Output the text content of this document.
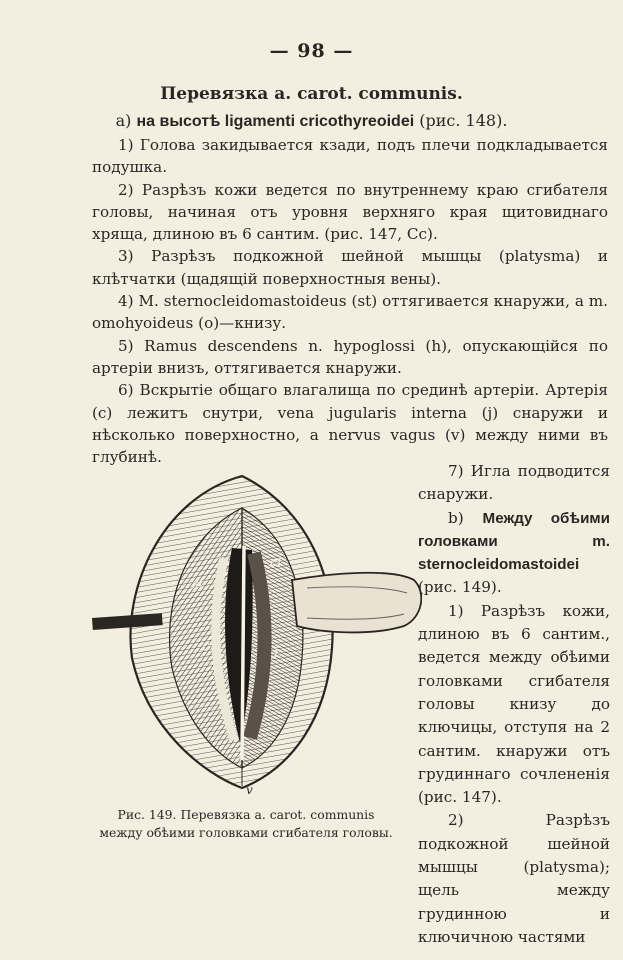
— 98 —
Перевязка a. carot. communis.
a) на высотѣ ligamenti cricothyreoidei (рис. 148).

1) Голова закидывается кзади, подъ плечи подкладывается подушка.

2) Разрѣзъ кожи ведется по внутреннему краю сгибателя головы, начиная отъ уровня верхняго края щитовиднаго хряща, длиною въ 6 сантим. (рис. 147, Cc).

3) Разрѣзъ подкожной шейной мышцы (platysma) и клѣтчатки (щадящій поверхностныя вены).

4) M. sternocleidomastoideus (st) оттягивается кнаружи, а m. omohyoideus (o)—книзу.

5) Ramus descendens n. hypoglossi (h), опускающійся по артеріи внизъ, оттягивается кнаружи.

6) Вскрытіе общаго влагалища по срединѣ артеріи. Артерія (c) лежитъ снутри, vena jugularis interna (j) снаружи и нѣсколько поверхностно, а nervus vagus (v) между ними въ глубинѣ.

st
cl
c	j
v
Рис. 149. Перевязка a. carot. communis
между обѣими головками сгибателя головы.

7) Игла подводится снаружи.

b) Между обѣими головками m. sternocleidomastoidei (рис. 149).

1) Разрѣзъ кожи, длиною въ 6 сантим., ведется между обѣими головками сгибателя головы книзу до ключицы, отступя на 2 сантим. кнаружи отъ грудиннаго сочлененія (рис. 147).

2) Разрѣзъ подкожной шейной мышцы (platysma); щель между грудинною и ключичною частями
